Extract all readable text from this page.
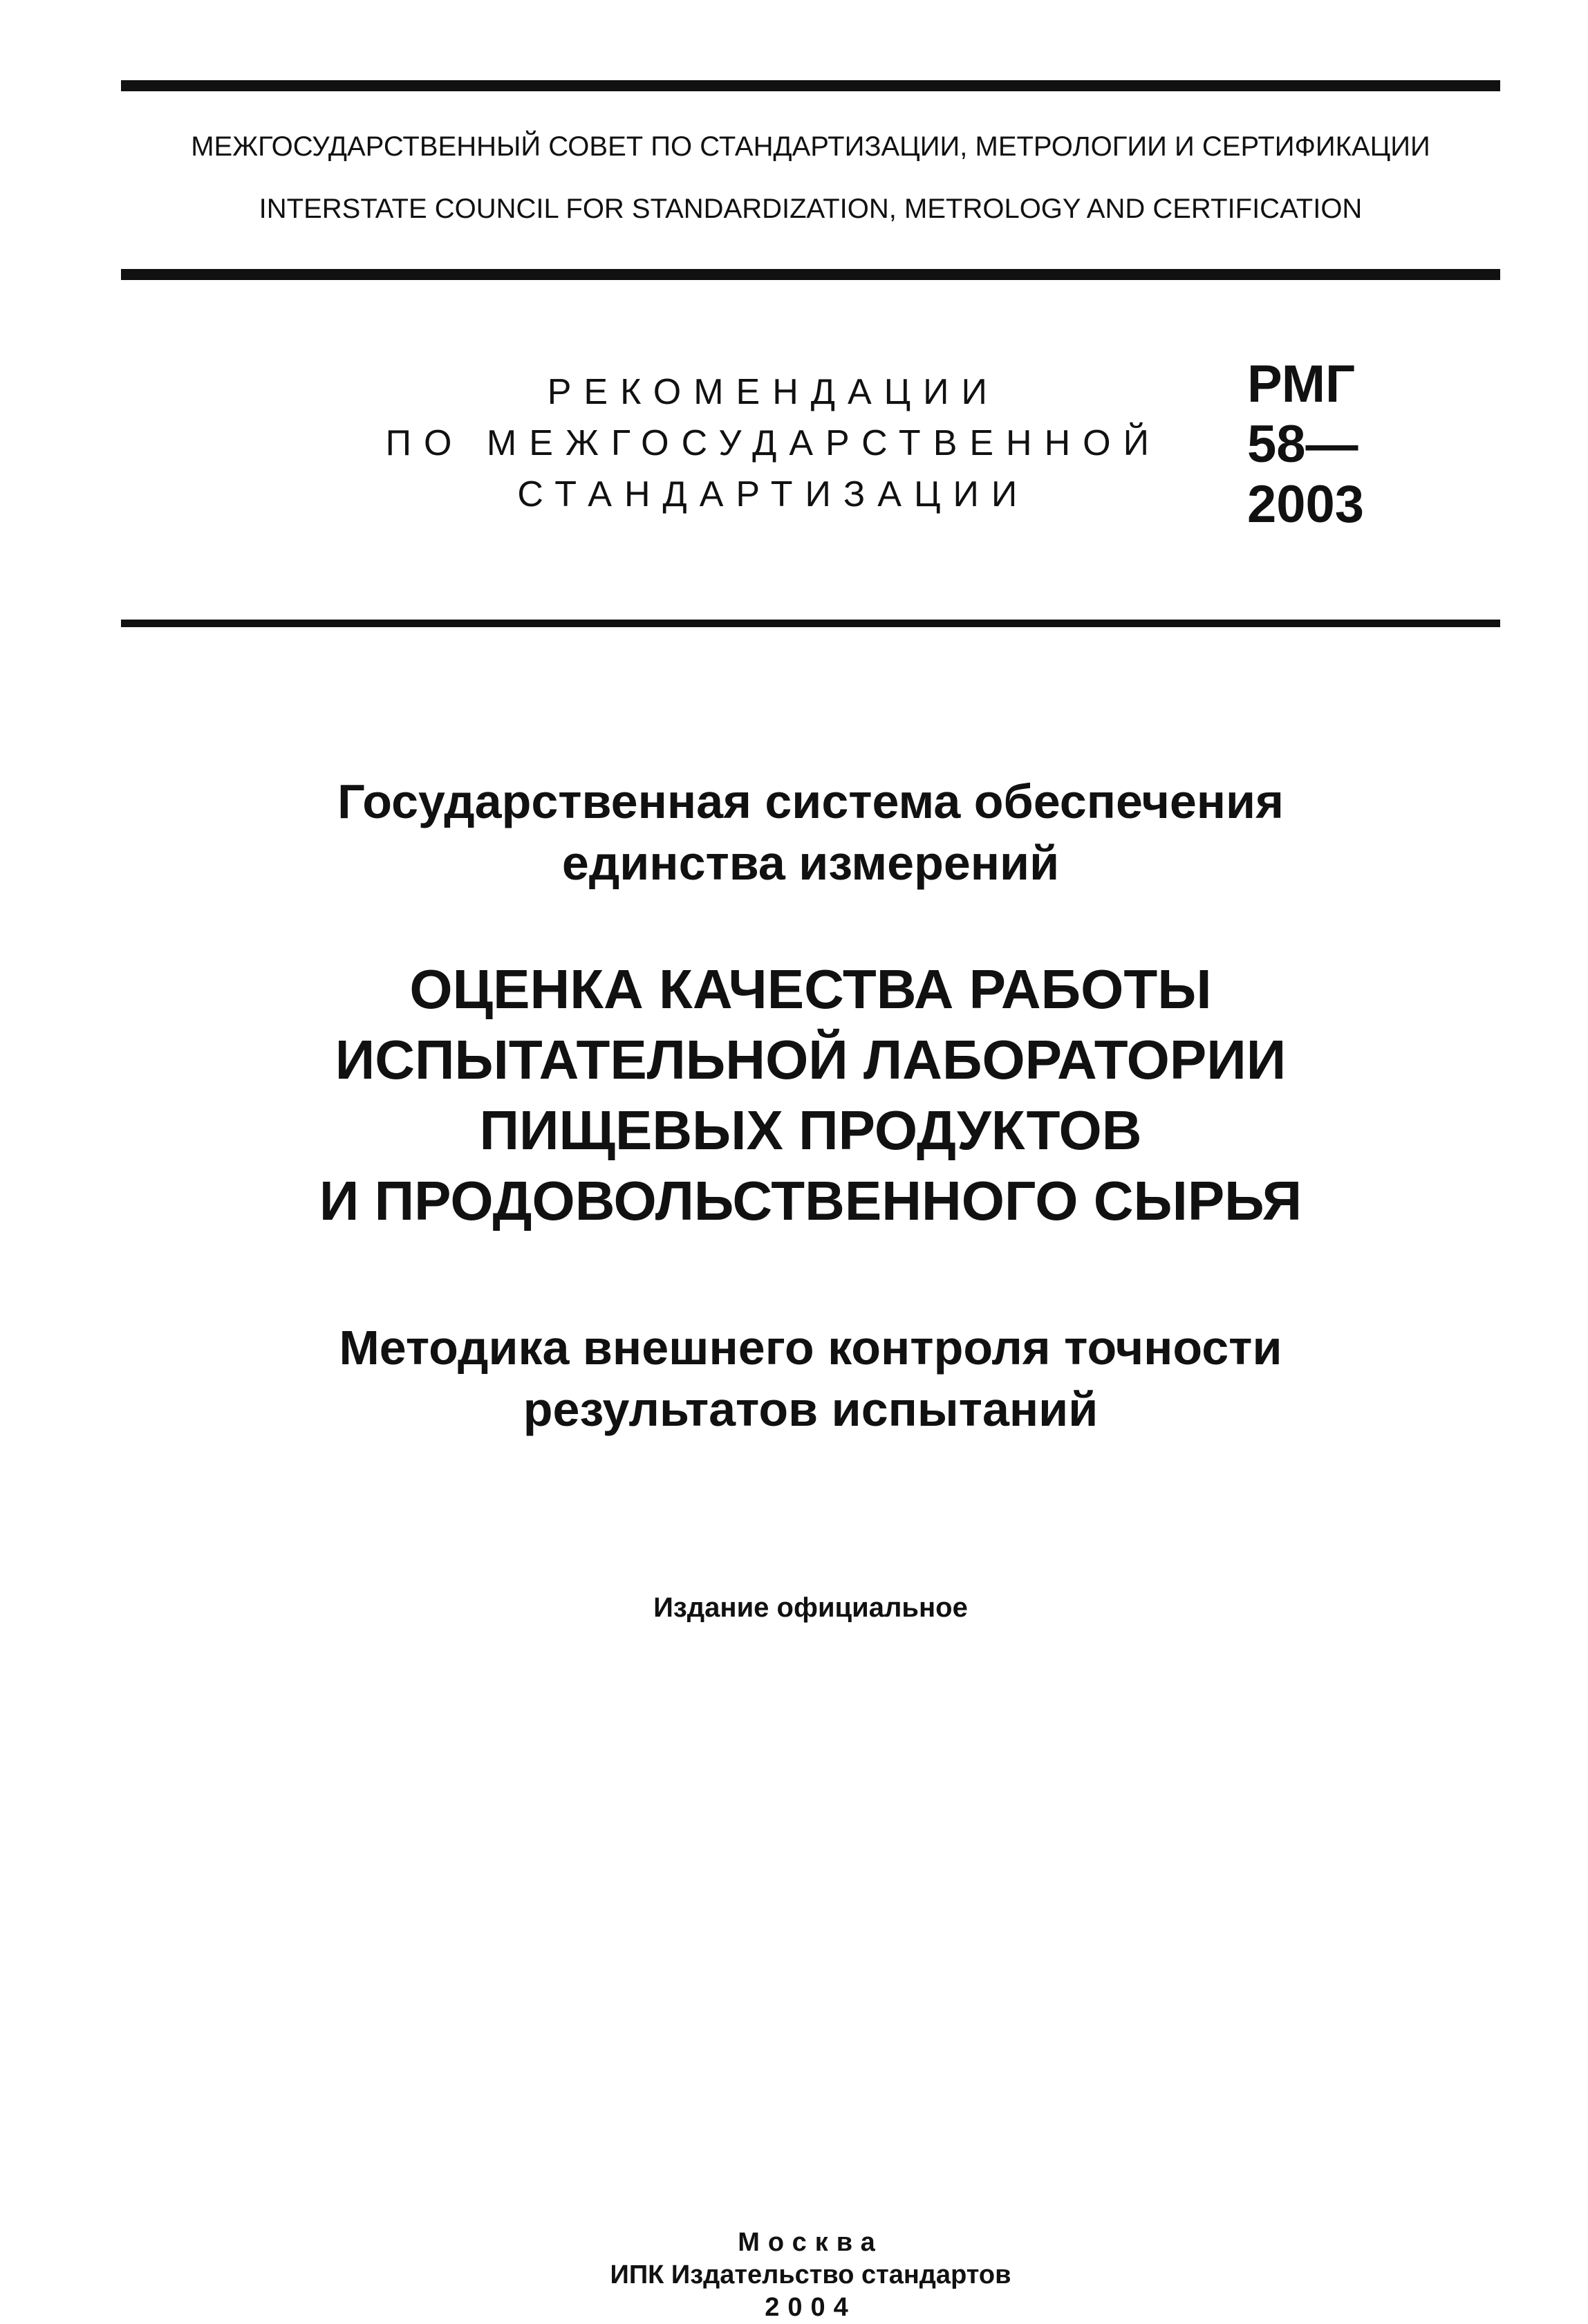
МЕЖГОСУДАРСТВЕННЫЙ СОВЕТ ПО СТАНДАРТИЗАЦИИ, МЕТРОЛОГИИ И СЕРТИФИКАЦИИ
INTERSTATE COUNCIL FOR STANDARDIZATION, METROLOGY AND CERTIFICATION
РЕКОМЕНДАЦИИ
ПО МЕЖГОСУДАРСТВЕННОЙ
СТАНДАРТИЗАЦИИ
РМГ
58—
2003
Государственная система обеспечения
единства измерений
ОЦЕНКА КАЧЕСТВА РАБОТЫ
ИСПЫТАТЕЛЬНОЙ ЛАБОРАТОРИИ
ПИЩЕВЫХ ПРОДУКТОВ
И ПРОДОВОЛЬСТВЕННОГО СЫРЬЯ
Методика внешнего контроля точности
результатов испытаний
Издание официальное
Москва
ИПК Издательство стандартов
2004
